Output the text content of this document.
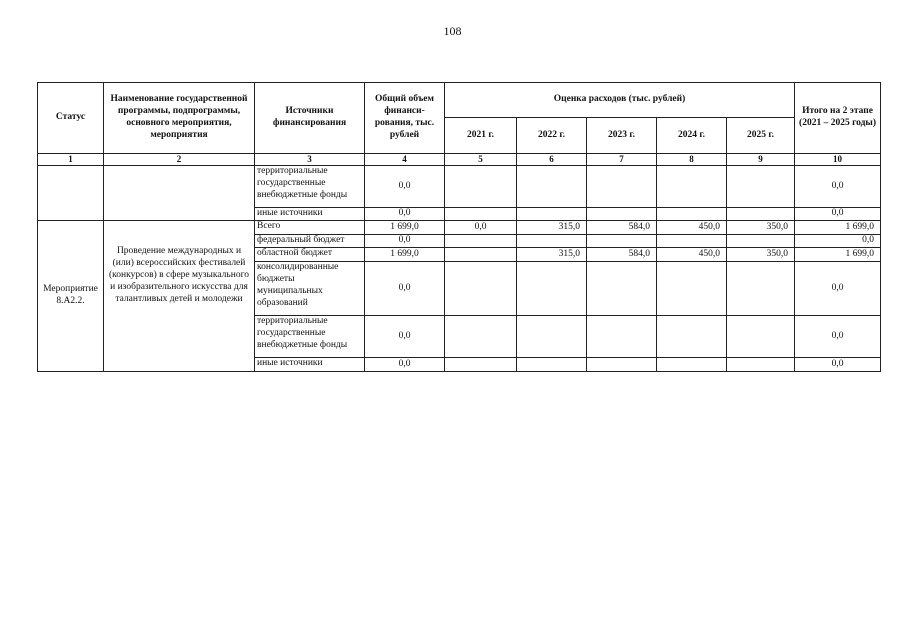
108
Статус	Наименование государственной программы, подпрограммы, основного мероприятия, мероприятия	Источники финансирования	Общий объем финанси-рования, тыс. рублей	Оценка расходов (тыс. рублей)					Итого на 2 этапе (2021 – 2025 годы)
				2021 г.	2022 г.	2023 г.	2024 г.	2025 г.	
1	2	3	4	5	6	7	8	9	10
		территориальные государственные внебюджетные фонды	0,0						0,0
		иные источники	0,0						0,0
Мероприятие 8.А2.2.	Проведение международных и (или) всероссийских фестивалей (конкурсов) в сфере музыкального и изобразительного искусства для талантливых детей и молодежи	Всего	1 699,0	0,0	315,0	584,0	450,0	350,0	1 699,0
		федеральный бюджет	0,0						0,0
		областной бюджет	1 699,0		315,0	584,0	450,0	350,0	1 699,0
		консолидированные бюджеты муниципальных образований	0,0						0,0
		территориальные государственные внебюджетные фонды	0,0						0,0
		иные источники	0,0						0,0
